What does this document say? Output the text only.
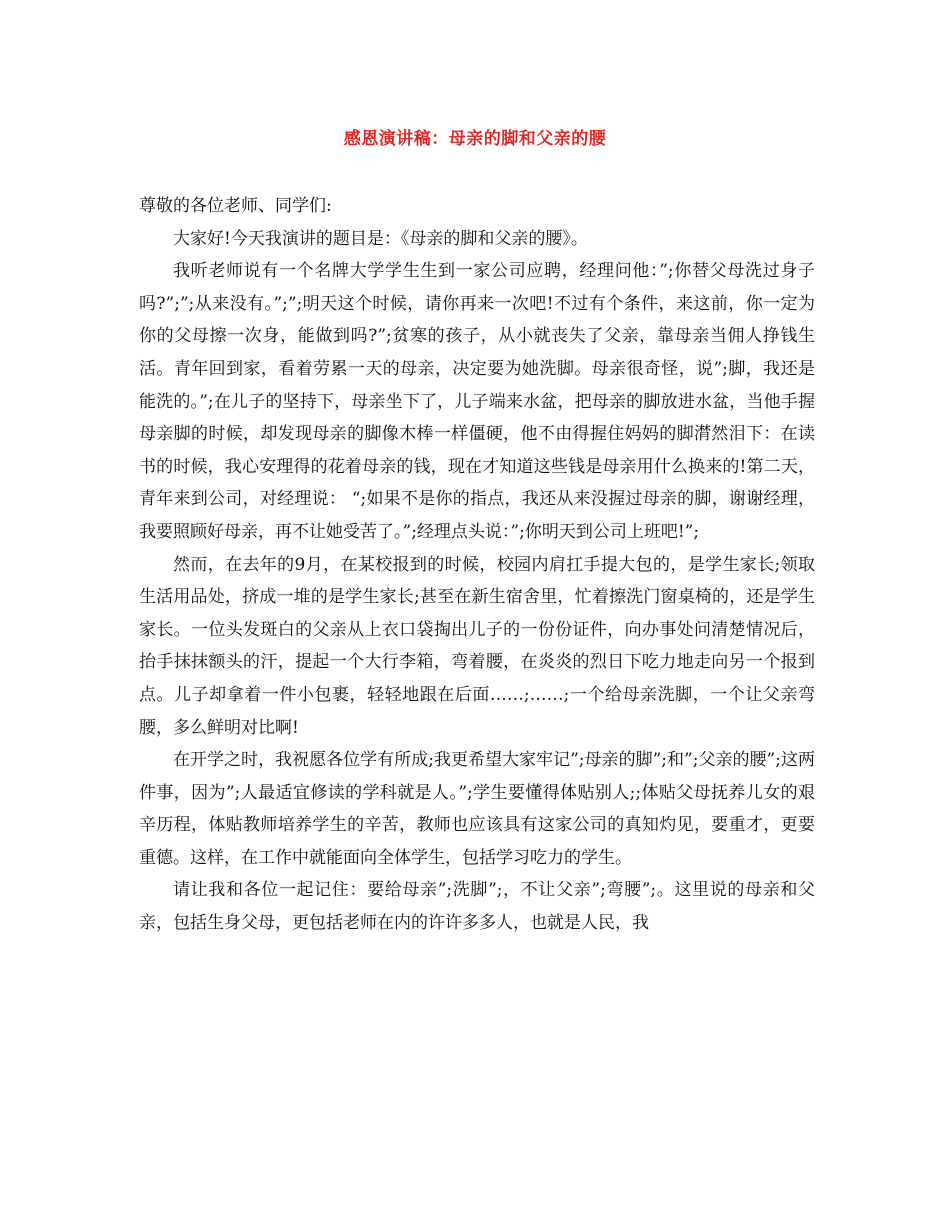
感恩演讲稿：母亲的脚和父亲的腰

尊敬的各位老师、同学们:

大家好!今天我演讲的题目是：《母亲的脚和父亲的腰》。

我听老师说有一个名牌大学学生生到一家公司应聘，经理问他：”;你替父母洗过身子吗?”;”;从来没有。”;”;明天这个时候，请你再来一次吧!不过有个条件，来这前，你一定为你的父母擦一次身，能做到吗?”;贫寒的孩子，从小就丧失了父亲，靠母亲当佣人挣钱生活。青年回到家，看着劳累一天的母亲，决定要为她洗脚。母亲很奇怪，说”;脚，我还是能洗的。”;在儿子的坚持下，母亲坐下了，儿子端来水盆，把母亲的脚放进水盆，当他手握母亲脚的时候，却发现母亲的脚像木棒一样僵硬，他不由得握住妈妈的脚潸然泪下：在读书的时候，我心安理得的花着母亲的钱，现在才知道这些钱是母亲用什么换来的!第二天，青年来到公司，对经理说： “;如果不是你的指点，我还从来没握过母亲的脚，谢谢经理，我要照顾好母亲，再不让她受苦了。”;经理点头说：”;你明天到公司上班吧!”;

然而，在去年的9月，在某校报到的时候，校园内肩扛手提大包的，是学生家长;领取生活用品处，挤成一堆的是学生家长;甚至在新生宿舍里，忙着擦洗门窗桌椅的，还是学生家长。一位头发斑白的父亲从上衣口袋掏出儿子的一份份证件，向办事处问清楚情况后，抬手抹抹额头的汗，提起一个大行李箱，弯着腰，在炎炎的烈日下吃力地走向另一个报到点。儿子却拿着一件小包裹，轻轻地跟在后面……;……;一个给母亲洗脚，一个让父亲弯腰，多么鲜明对比啊!

在开学之时，我祝愿各位学有所成;我更希望大家牢记”;母亲的脚”;和”;父亲的腰”;这两件事，因为”;人最适宜修读的学科就是人。”;学生要懂得体贴别人;;体贴父母抚养儿女的艰辛历程，体贴教师培养学生的辛苦，教师也应该具有这家公司的真知灼见，要重才，更要重德。这样，在工作中就能面向全体学生，包括学习吃力的学生。

请让我和各位一起记住：要给母亲”;洗脚”;，不让父亲”;弯腰”;。这里说的母亲和父亲，包括生身父母，更包括老师在内的许许多多人，也就是人民，我
